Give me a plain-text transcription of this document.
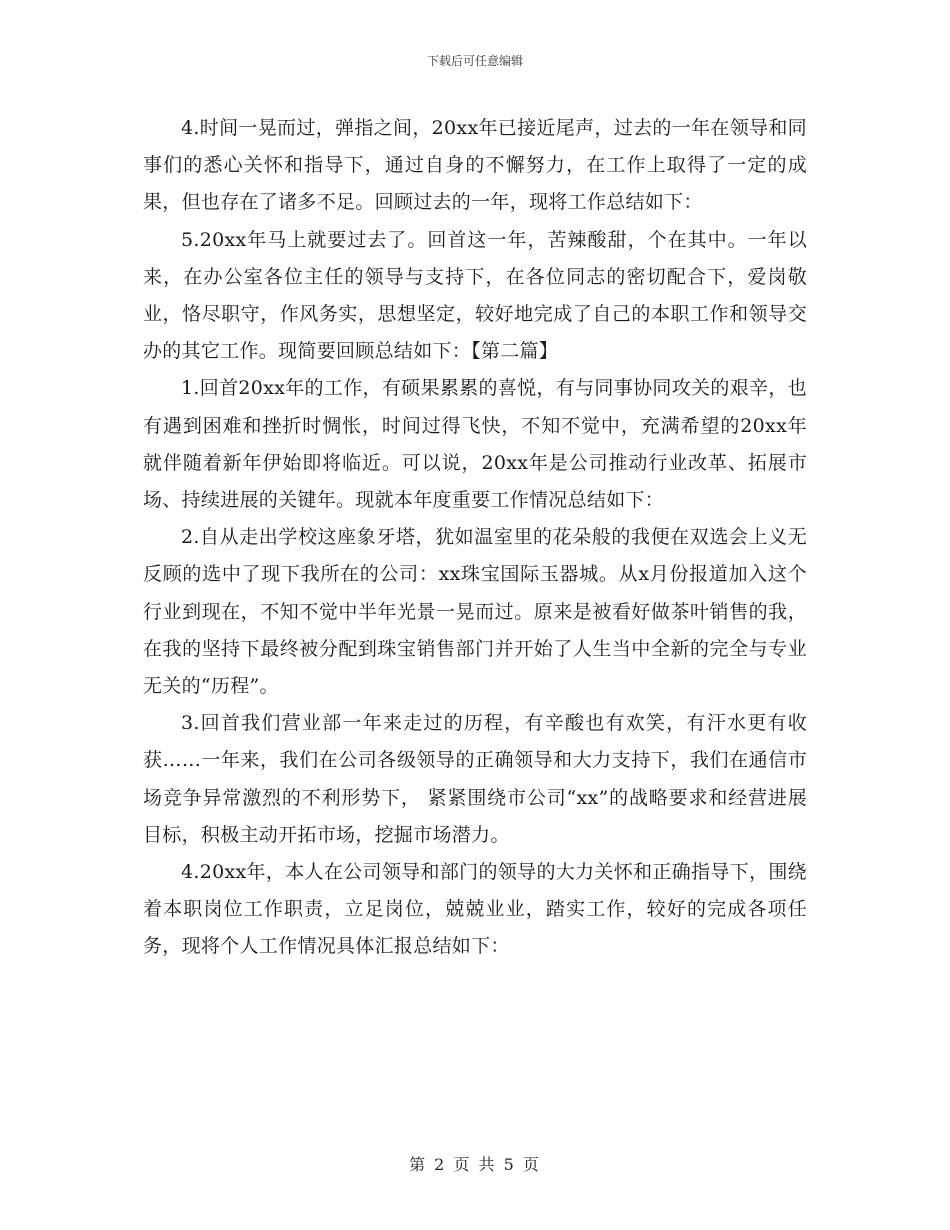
下载后可任意编辑

4.时间一晃而过，弹指之间，20xx年已接近尾声，过去的一年在领导和同事们的悉心关怀和指导下，通过自身的不懈努力，在工作上取得了一定的成果，但也存在了诸多不足。回顾过去的一年，现将工作总结如下：

5.20xx年马上就要过去了。回首这一年，苦辣酸甜，个在其中。一年以来，在办公室各位主任的领导与支持下，在各位同志的密切配合下，爱岗敬业，恪尽职守，作风务实，思想坚定，较好地完成了自己的本职工作和领导交办的其它工作。现简要回顾总结如下：【第二篇】

1.回首20xx年的工作，有硕果累累的喜悦，有与同事协同攻关的艰辛，也有遇到困难和挫折时惆怅，时间过得飞快，不知不觉中，充满希望的20xx年就伴随着新年伊始即将临近。可以说，20xx年是公司推动行业改革、拓展市场、持续进展的关键年。现就本年度重要工作情况总结如下：

2.自从走出学校这座象牙塔，犹如温室里的花朵般的我便在双选会上义无反顾的选中了现下我所在的公司：xx珠宝国际玉器城。从x月份报道加入这个行业到现在，不知不觉中半年光景一晃而过。原来是被看好做茶叶销售的我，在我的坚持下最终被分配到珠宝销售部门并开始了人生当中全新的完全与专业无关的“历程”。

3.回首我们营业部一年来走过的历程，有辛酸也有欢笑，有汗水更有收获……一年来，我们在公司各级领导的正确领导和大力支持下，我们在通信市场竞争异常激烈的不利形势下， 紧紧围绕市公司“xx”的战略要求和经营进展目标，积极主动开拓市场，挖掘市场潜力。

4.20xx年，本人在公司领导和部门的领导的大力关怀和正确指导下，围绕着本职岗位工作职责，立足岗位，兢兢业业，踏实工作，较好的完成各项任务，现将个人工作情况具体汇报总结如下：

第 2 页 共 5 页
